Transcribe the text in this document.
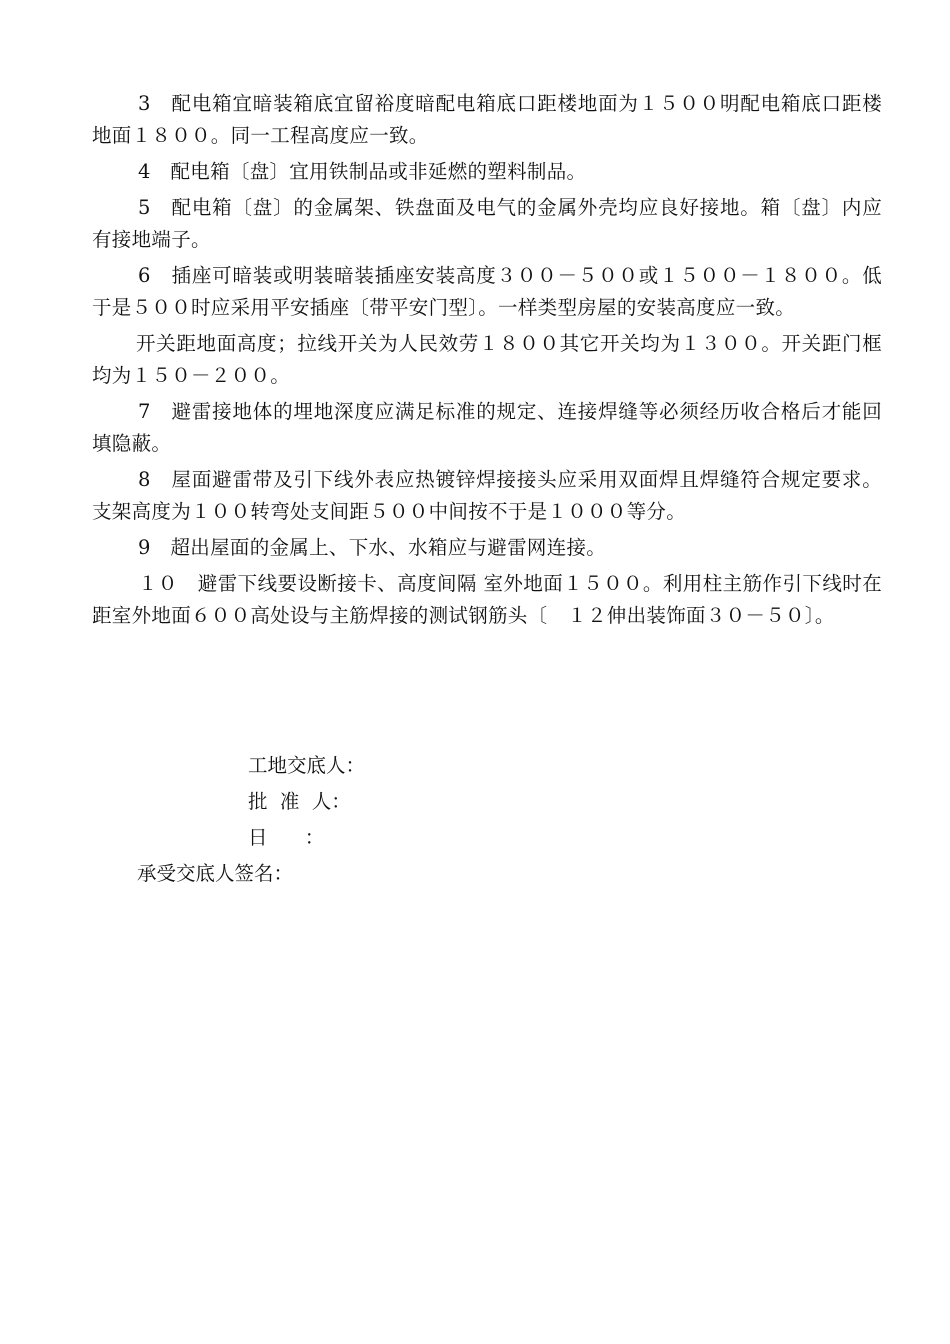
3　配电箱宜暗装箱底宜留裕度暗配电箱底口距楼地面为１５００明配电箱底口距楼地面１８００。同一工程高度应一致。

4　配电箱〔盘〕宜用铁制品或非延燃的塑料制品。

5　配电箱〔盘〕的金属架、铁盘面及电气的金属外壳均应良好接地。箱〔盘〕内应有接地端子。

6　插座可暗装或明装暗装插座安装高度３００－５００或１５００－１８００。低于是５００时应采用平安插座〔带平安门型〕。一样类型房屋的安装高度应一致。

开关距地面高度；拉线开关为人民效劳１８００其它开关均为１３００。开关距门框均为１５０－２００。

7　避雷接地体的埋地深度应满足标准的规定、连接焊缝等必须经历收合格后才能回填隐蔽。

8　屋面避雷带及引下线外表应热镀锌焊接接头应采用双面焊且焊缝符合规定要求。支架高度为１００转弯处支间距５００中间按不于是１０００等分。

9　超出屋面的金属上、下水、水箱应与避雷网连接。

１０　避雷下线要设断接卡、高度间隔 室外地面１５００。利用柱主筋作引下线时在距室外地面６００高处设与主筋焊接的测试钢筋头〔　１２伸出装饰面３０－５０〕。

工地交底人：

批  准  人：

日      ：

承受交底人签名：
